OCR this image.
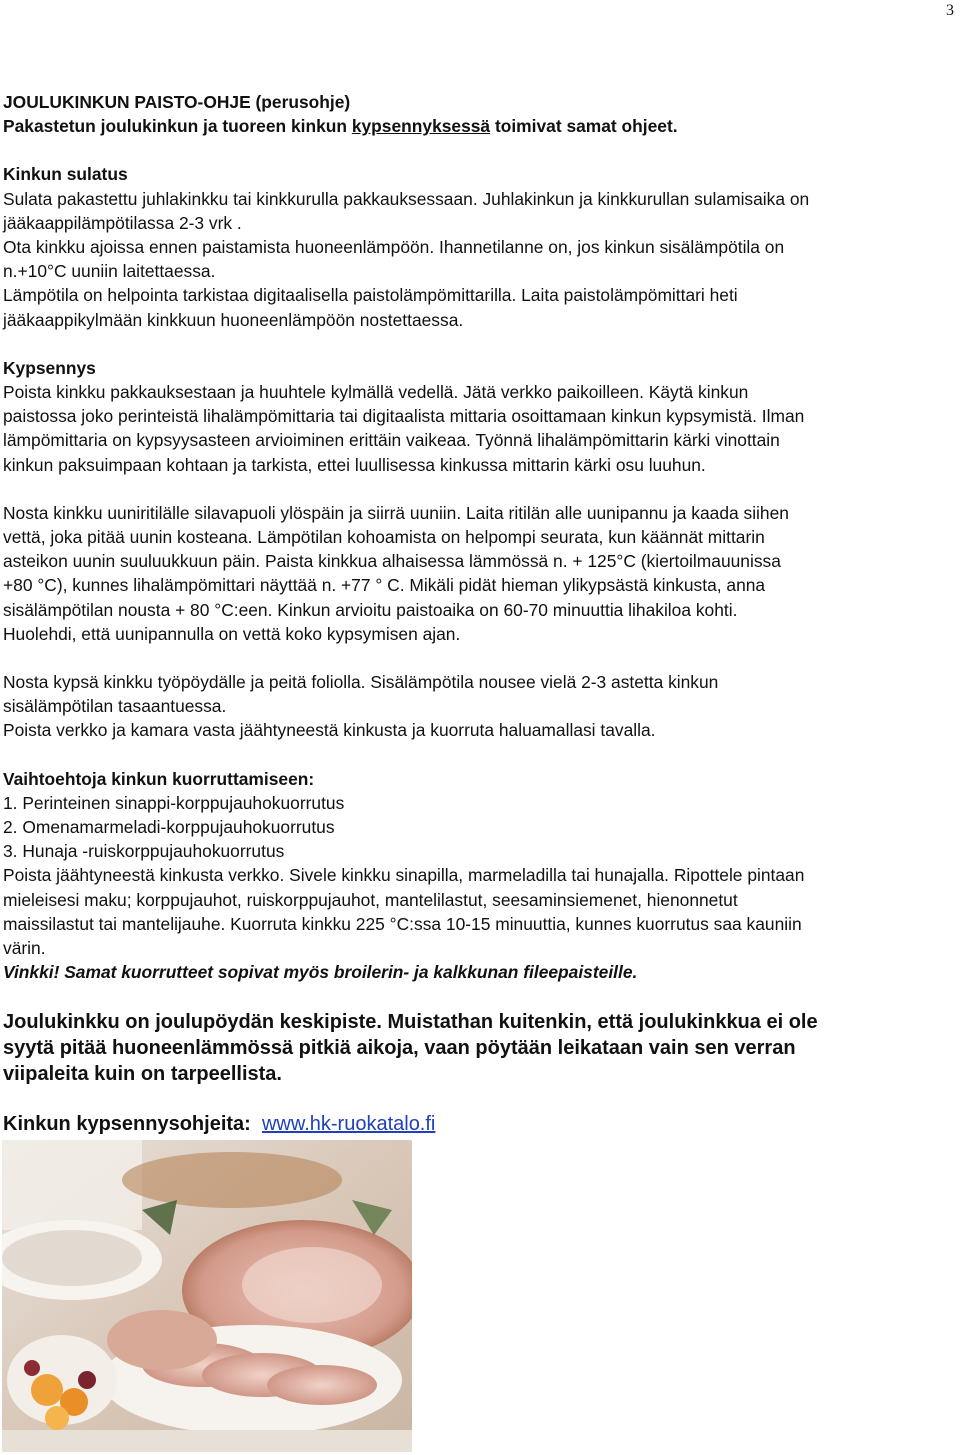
3

JOULUKINKUN PAISTO-OHJE (perusohje)

Pakastetun joulukinkun ja tuoreen kinkun kypsennyksessä toimivat samat ohjeet.

Kinkun sulatus

Sulata pakastettu juhlakinkku tai kinkkurulla pakkauksessaan. Juhlakinkun ja kinkkurullan sulamisaika on

jääkaappilämpötilassa 2-3 vrk .

Ota kinkku ajoissa ennen paistamista huoneenlämpöön. Ihannetilanne on, jos kinkun sisälämpötila on

n.+10°C uuniin laitettaessa.

Lämpötila on helpointa tarkistaa digitaalisella paistolämpömittarilla. Laita paistolämpömittari heti

jääkaappikylmään kinkkuun huoneenlämpöön nostettaessa.

Kypsennys

Poista kinkku pakkauksestaan ja huuhtele kylmällä vedellä. Jätä verkko paikoilleen. Käytä kinkun

paistossa joko perinteistä lihalämpömittaria tai digitaalista mittaria osoittamaan kinkun kypsymistä. Ilman

lämpömittaria on kypsyysasteen arvioiminen erittäin vaikeaa. Työnnä lihalämpömittarin kärki vinottain

kinkun paksuimpaan kohtaan ja tarkista, ettei luullisessa kinkussa mittarin kärki osu luuhun.

Nosta kinkku uuniritilälle silavapuoli ylöspäin ja siirrä uuniin. Laita ritilän alle uunipannu ja kaada siihen

vettä, joka pitää uunin kosteana. Lämpötilan kohoamista on helpompi seurata, kun käännät mittarin

asteikon uunin suuluukkuun päin. Paista kinkkua alhaisessa lämmössä n. + 125°C (kiertoilmauunissa

+80 °C), kunnes lihalämpömittari näyttää n. +77 ° C. Mikäli pidät hieman ylikypsästä kinkusta, anna

sisälämpötilan nousta + 80 °C:een. Kinkun arvioitu paistoaika on 60-70 minuuttia lihakiloa kohti.

Huolehdi, että uunipannulla on vettä koko kypsymisen ajan.

Nosta kypsä kinkku työpöydälle ja peitä foliolla. Sisälämpötila nousee vielä 2-3 astetta kinkun

sisälämpötilan tasaantuessa.

Poista verkko ja kamara vasta jäähtyneestä kinkusta ja kuorruta haluamallasi tavalla.

Vaihtoehtoja kinkun kuorruttamiseen:

1. Perinteinen sinappi-korppujauhokuorrutus

2. Omenamarmeladi-korppujauhokuorrutus

3. Hunaja -ruiskorppujauhokuorrutus

Poista jäähtyneestä kinkusta verkko. Sivele kinkku sinapilla, marmeladilla tai hunajalla. Ripottele pintaan

mieleisesi maku; korppujauhot, ruiskorppujauhot, mantelilastut, seesaminsiemenet, hienonnetut

maissilastut tai mantelijauhe. Kuorruta kinkku 225 °C:ssa 10-15 minuuttia, kunnes kuorrutus saa kauniin

värin.

Vinkki! Samat kuorrutteet sopivat myös broilerin- ja kalkkunan fileepaisteille.

Joulukinkku on joulupöydän keskipiste. Muistathan kuitenkin, että joulukinkkua ei ole

syytä pitää huoneenlämmössä pitkiä aikoja, vaan pöytään leikataan vain sen verran

viipaleita kuin on tarpeellista.

Kinkun kypsennysohjeita: www.hk-ruokatalo.fi
